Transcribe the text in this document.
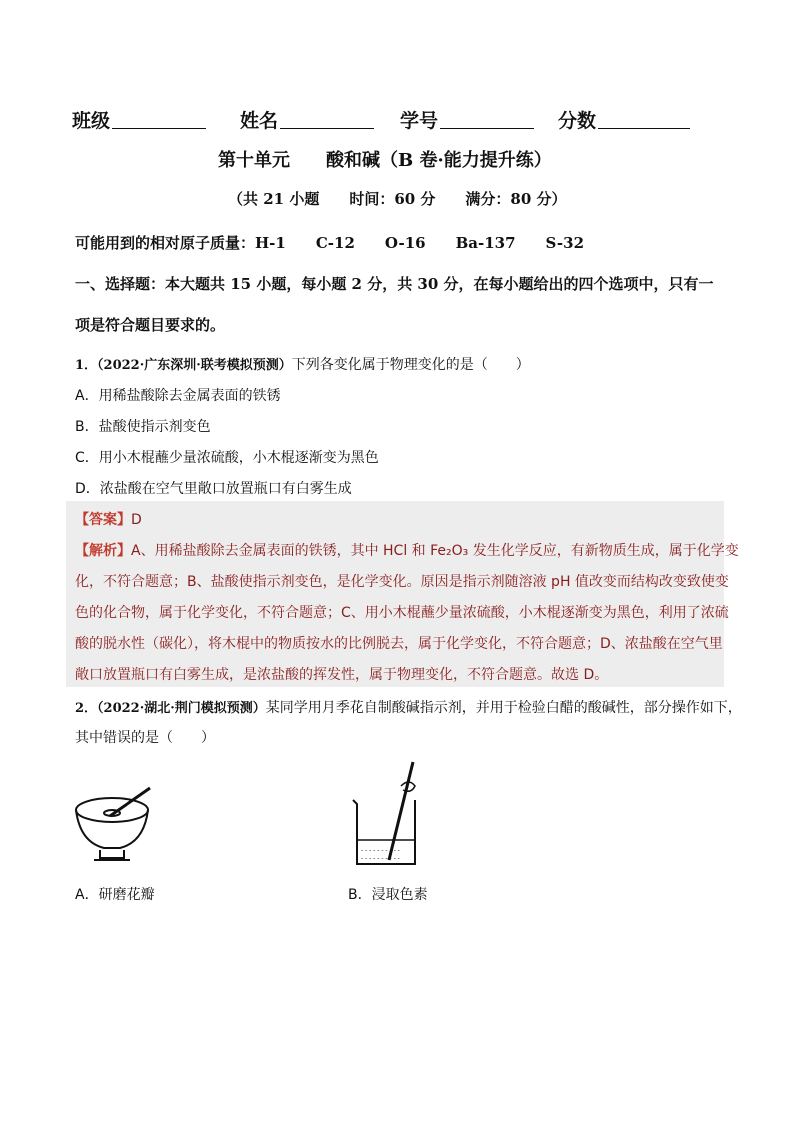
班级	姓名	学号	分数
第十单元　　酸和碱（B 卷·能力提升练）
（共 21 小题　　时间：60 分　　满分：80 分）
可能用到的相对原子质量：H-1　　C-12　　O-16　　Ba-137　　S-32
一、选择题：本大题共 15 小题，每小题 2 分，共 30 分，在每小题给出的四个选项中，只有一
项是符合题目要求的。
1．（2022·广东深圳·联考模拟预测）下列各变化属于物理变化的是（　　）
A．用稀盐酸除去金属表面的铁锈
B．盐酸使指示剂变色
C．用小木棍蘸少量浓硫酸，小木棍逐渐变为黑色
D．浓盐酸在空气里敞口放置瓶口有白雾生成
【答案】D
【解析】A、用稀盐酸除去金属表面的铁锈，其中 HCl 和 Fe₂O₃ 发生化学反应，有新物质生成，属于化学变
化，不符合题意；B、盐酸使指示剂变色，是化学变化。原因是指示剂随溶液 pH 值改变而结构改变致使变
色的化合物，属于化学变化，不符合题意；C、用小木棍蘸少量浓硫酸，小木棍逐渐变为黑色，利用了浓硫
酸的脱水性（碳化），将木棍中的物质按水的比例脱去，属于化学变化，不符合题意；D、浓盐酸在空气里
敞口放置瓶口有白雾生成，是浓盐酸的挥发性，属于物理变化，不符合题意。故选 D。
2．（2022·湖北·荆门模拟预测）某同学用月季花自制酸碱指示剂，并用于检验白醋的酸碱性，部分操作如下，
其中错误的是（　　）
- - - - - - - - - -
- - - - - - - - - -
A．研磨花瓣	B．浸取色素
